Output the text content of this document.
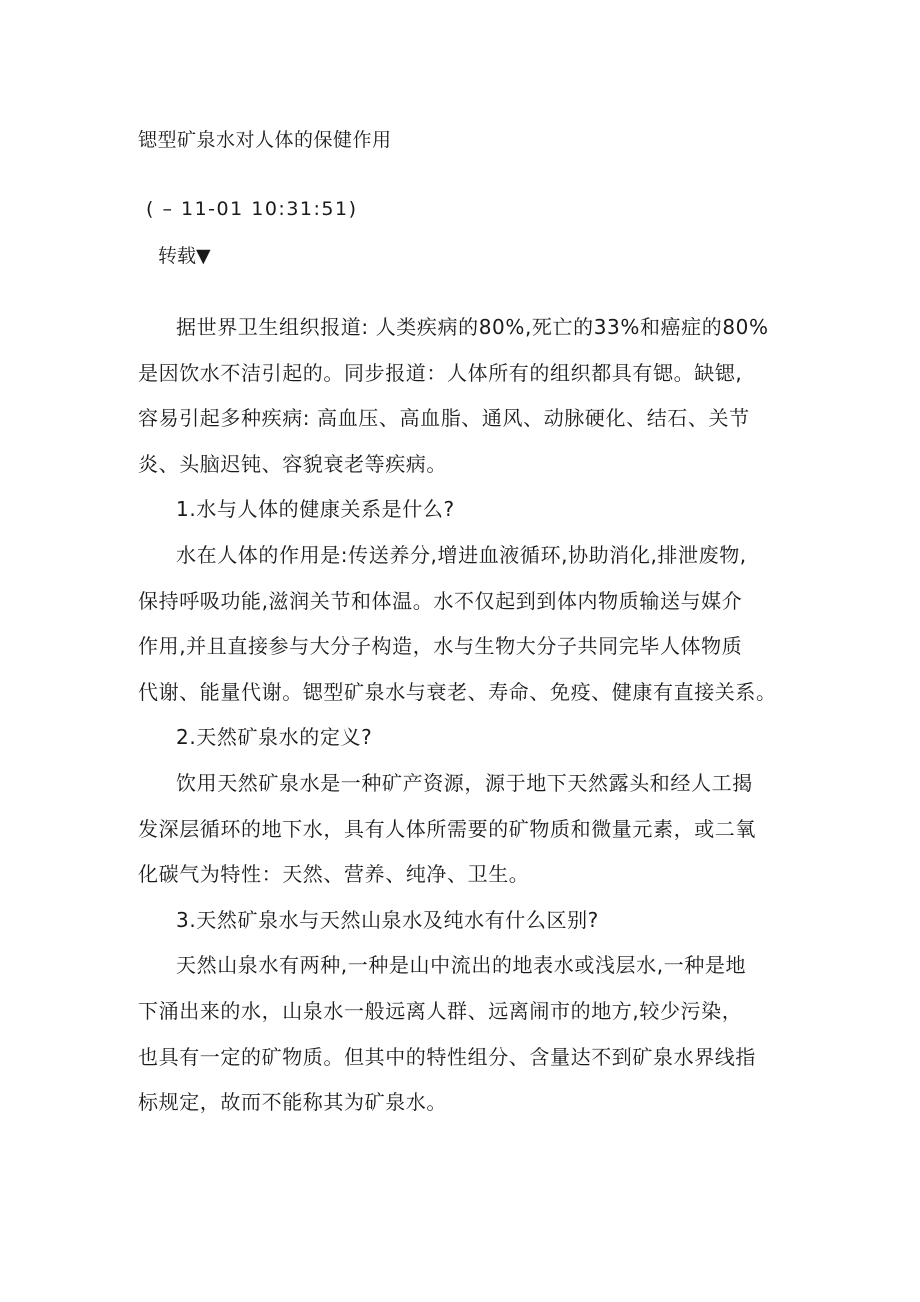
锶型矿泉水对人体的保健作用
( – 11-01 10:31:51)
转载▼
据世界卫生组织报道: 人类疾病的80%,死亡的33%和癌症的80%
是因饮水不洁引起的。同步报道：人体所有的组织都具有锶。缺锶,
容易引起多种疾病: 高血压、高血脂、通风、动脉硬化、结石、关节
炎、头脑迟钝、容貌衰老等疾病。
1.水与人体的健康关系是什么?
水在人体的作用是:传送养分,增进血液循环,协助消化,排泄废物,
保持呼吸功能,滋润关节和体温。水不仅起到到体内物质输送与媒介
作用,并且直接参与大分子构造，水与生物大分子共同完毕人体物质
代谢、能量代谢。锶型矿泉水与衰老、寿命、免疫、健康有直接关系。
2.天然矿泉水的定义?
饮用天然矿泉水是一种矿产资源，源于地下天然露头和经人工揭
发深层循环的地下水，具有人体所需要的矿物质和微量元素，或二氧
化碳气为特性：天然、营养、纯净、卫生。
3.天然矿泉水与天然山泉水及纯水有什么区别?
天然山泉水有两种,一种是山中流出的地表水或浅层水,一种是地
下涌出来的水，山泉水一般远离人群、远离闹市的地方,较少污染，
也具有一定的矿物质。但其中的特性组分、含量达不到矿泉水界线指
标规定，故而不能称其为矿泉水。
